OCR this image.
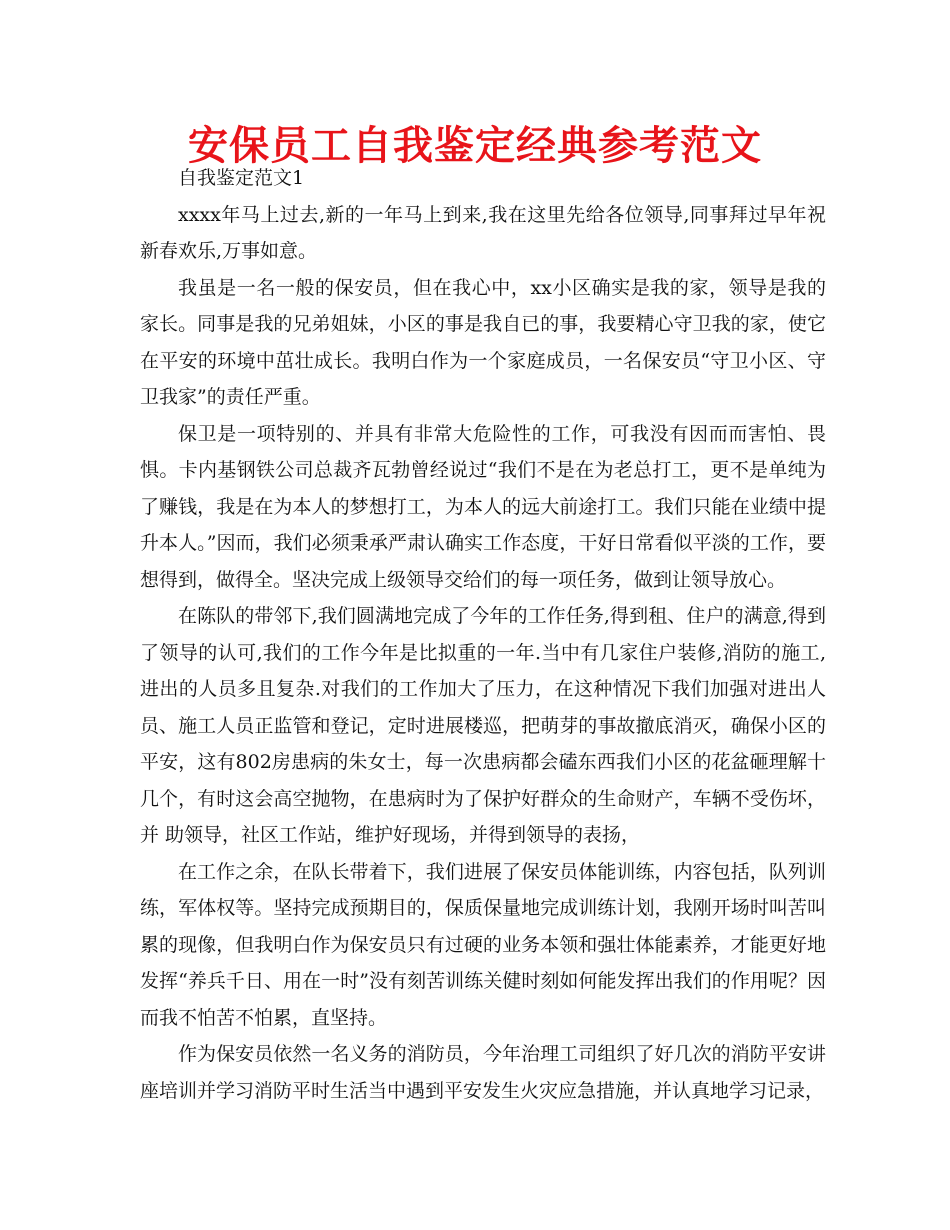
安保员工自我鉴定经典参考范文
自我鉴定范文1

xxxx年马上过去,新的一年马上到来,我在这里先给各位领导,同事拜过早年祝新春欢乐,万事如意。

我虽是一名一般的保安员，但在我心中，xx小区确实是我的家，领导是我的家长。同事是我的兄弟姐妹，小区的事是我自已的事，我要精心守卫我的家，使它在平安的环境中茁壮成长。我明白作为一个家庭成员，一名保安员“守卫小区、守卫我家”的责任严重。

保卫是一项特别的、并具有非常大危险性的工作，可我没有因而而害怕、畏惧。卡内基钢铁公司总裁齐瓦勃曾经说过“我们不是在为老总打工，更不是单纯为了赚钱，我是在为本人的梦想打工，为本人的远大前途打工。我们只能在业绩中提升本人。”因而，我们必须秉承严肃认确实工作态度，干好日常看似平淡的工作，要想得到，做得全。坚决完成上级领导交给们的每一项任务，做到让领导放心。

在陈队的带邻下,我们圆满地完成了今年的工作任务,得到租、住户的满意,得到了领导的认可,我们的工作今年是比拟重的一年.当中有几家住户装修,消防的施工,进出的人员多且复杂.对我们的工作加大了压力，在这种情况下我们加强对进出人员、施工人员正监管和登记，定时进展楼巡，把萌芽的事故撤底消灭，确保小区的平安，这有802房患病的朱女士，每一次患病都会磕东西我们小区的花盆砸理解十几个，有时这会高空抛物，在患病时为了保护好群众的生命财产，车辆不受伤坏，并 助领导，社区工作站，维护好现场，并得到领导的表扬，

在工作之余，在队长带着下，我们进展了保安员体能训练，内容包括，队列训练，军体权等。坚持完成预期目的，保质保量地完成训练计划，我刚开场时叫苦叫累的现像，但我明白作为保安员只有过硬的业务本领和强壮体能素养，才能更好地发挥“养兵千日、用在一时”没有刻苦训练关健时刻如何能发挥出我们的作用呢？因而我不怕苦不怕累，直坚持。

作为保安员依然一名义务的消防员，今年治理工司组织了好几次的消防平安讲座培训并学习消防平时生活当中遇到平安发生火灾应急措施，并认真地学习记录，
